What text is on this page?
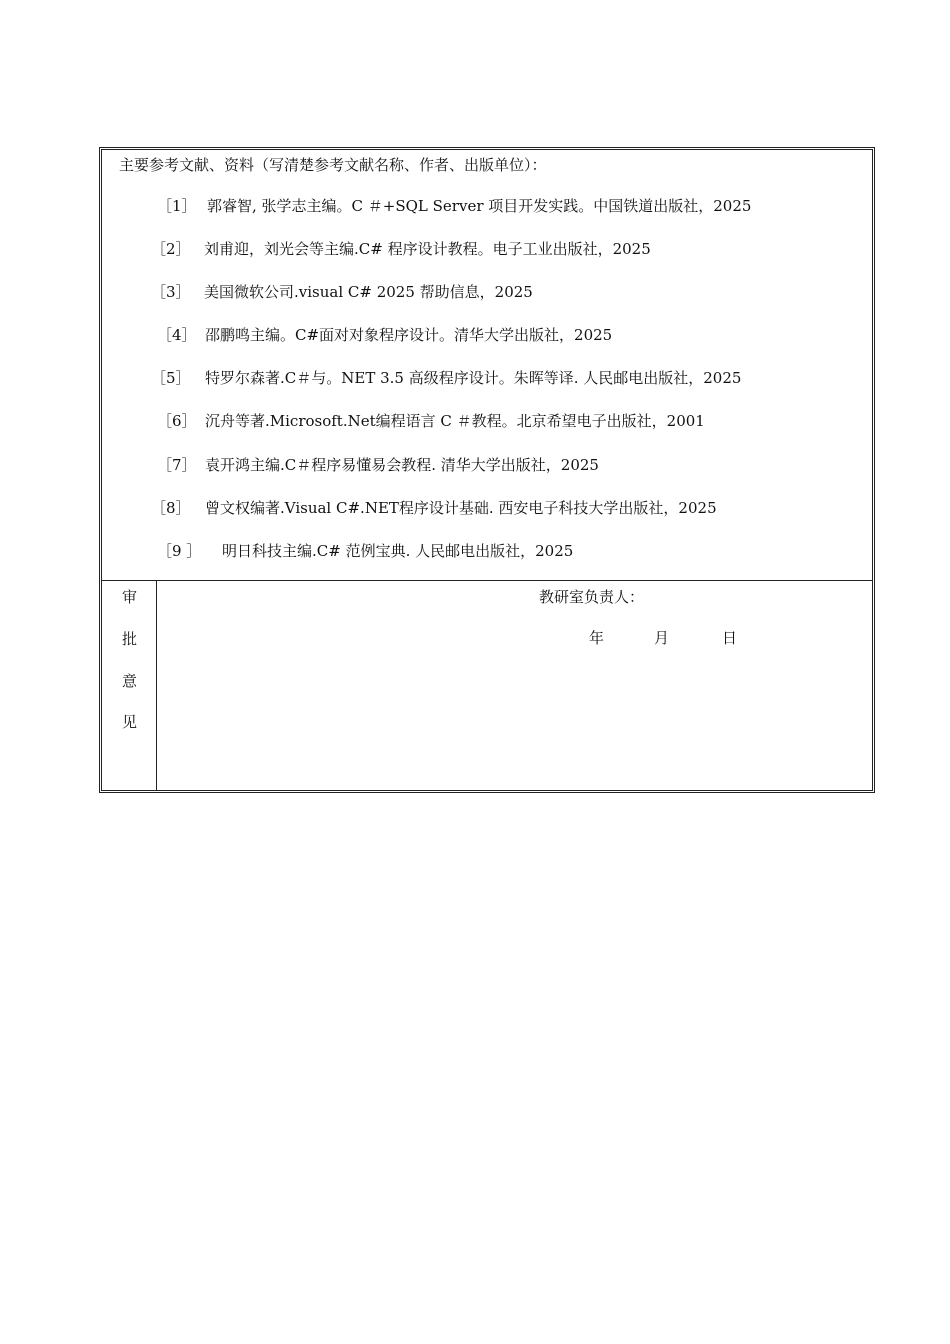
主要参考文献、资料（写清楚参考文献名称、作者、出版单位）：
［1］ 郭睿智, 张学志主编。C ＃+SQL Server 项目开发实践。中国铁道出版社，2025
［2］ 刘甫迎，刘光会等主编.C# 程序设计教程。电子工业出版社，2025
［3］ 美国微软公司.visual C# 2025 帮助信息，2025
［4］ 邵鹏鸣主编。C#面对对象程序设计。清华大学出版社，2025
［5］ 特罗尔森著.C＃与。NET 3.5 高级程序设计。朱晖等译. 人民邮电出版社，2025
［6］ 沉舟等著.Microsoft.Net编程语言 C ＃教程。北京希望电子出版社，2001
［7］ 袁开鸿主编.C＃程序易懂易会教程. 清华大学出版社，2025
［8］ 曾文权编著.Visual C#.NET程序设计基础. 西安电子科技大学出版社，2025
［9 ］ 明日科技主编.C# 范例宝典. 人民邮电出版社，2025
审
批
意
见
教研室负责人：
年	月	日
